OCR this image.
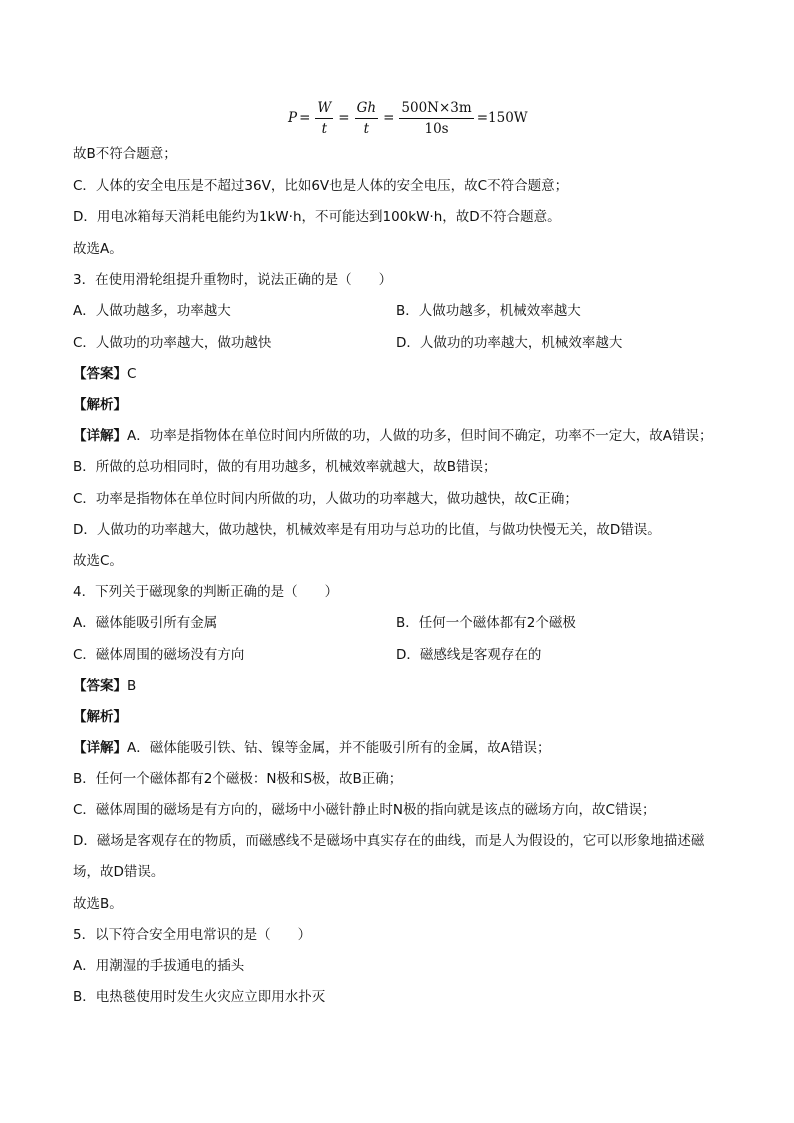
$P = \frac{W}{t} = \frac{Gh}{t} = \frac{500N\times 3m}{10s} =150W$
故B不符合题意；
C．人体的安全电压是不超过36V，比如6V也是人体的安全电压，故C不符合题意；
D．用电冰箱每天消耗电能约为1kW·h，不可能达到100kW·h，故D不符合题意。
故选A。
3．在使用滑轮组提升重物时，说法正确的是（　　）
A．人做功越多，功率越大	B．人做功越多，机械效率越大
C．人做功的功率越大，做功越快	D．人做功的功率越大，机械效率越大
【答案】C
【解析】
【详解】A．功率是指物体在单位时间内所做的功，人做的功多，但时间不确定，功率不一定大，故A错误；
B．所做的总功相同时，做的有用功越多，机械效率就越大，故B错误；
C．功率是指物体在单位时间内所做的功，人做功的功率越大，做功越快，故C正确；
D．人做功的功率越大，做功越快，机械效率是有用功与总功的比值，与做功快慢无关，故D错误。
故选C。
4．下列关于磁现象的判断正确的是（　　）
A．磁体能吸引所有金属	B．任何一个磁体都有2个磁极
C．磁体周围的磁场没有方向	D．磁感线是客观存在的
【答案】B
【解析】
【详解】A．磁体能吸引铁、钴、镍等金属，并不能吸引所有的金属，故A错误；
B．任何一个磁体都有2个磁极：N极和S极，故B正确；
C．磁体周围的磁场是有方向的，磁场中小磁针静止时N极的指向就是该点的磁场方向，故C错误；
D．磁场是客观存在的物质，而磁感线不是磁场中真实存在的曲线，而是人为假设的，它可以形象地描述磁
场，故D错误。
故选B。
5．以下符合安全用电常识的是（　　）
A．用潮湿的手拔通电的插头
B．电热毯使用时发生火灾应立即用水扑灭
